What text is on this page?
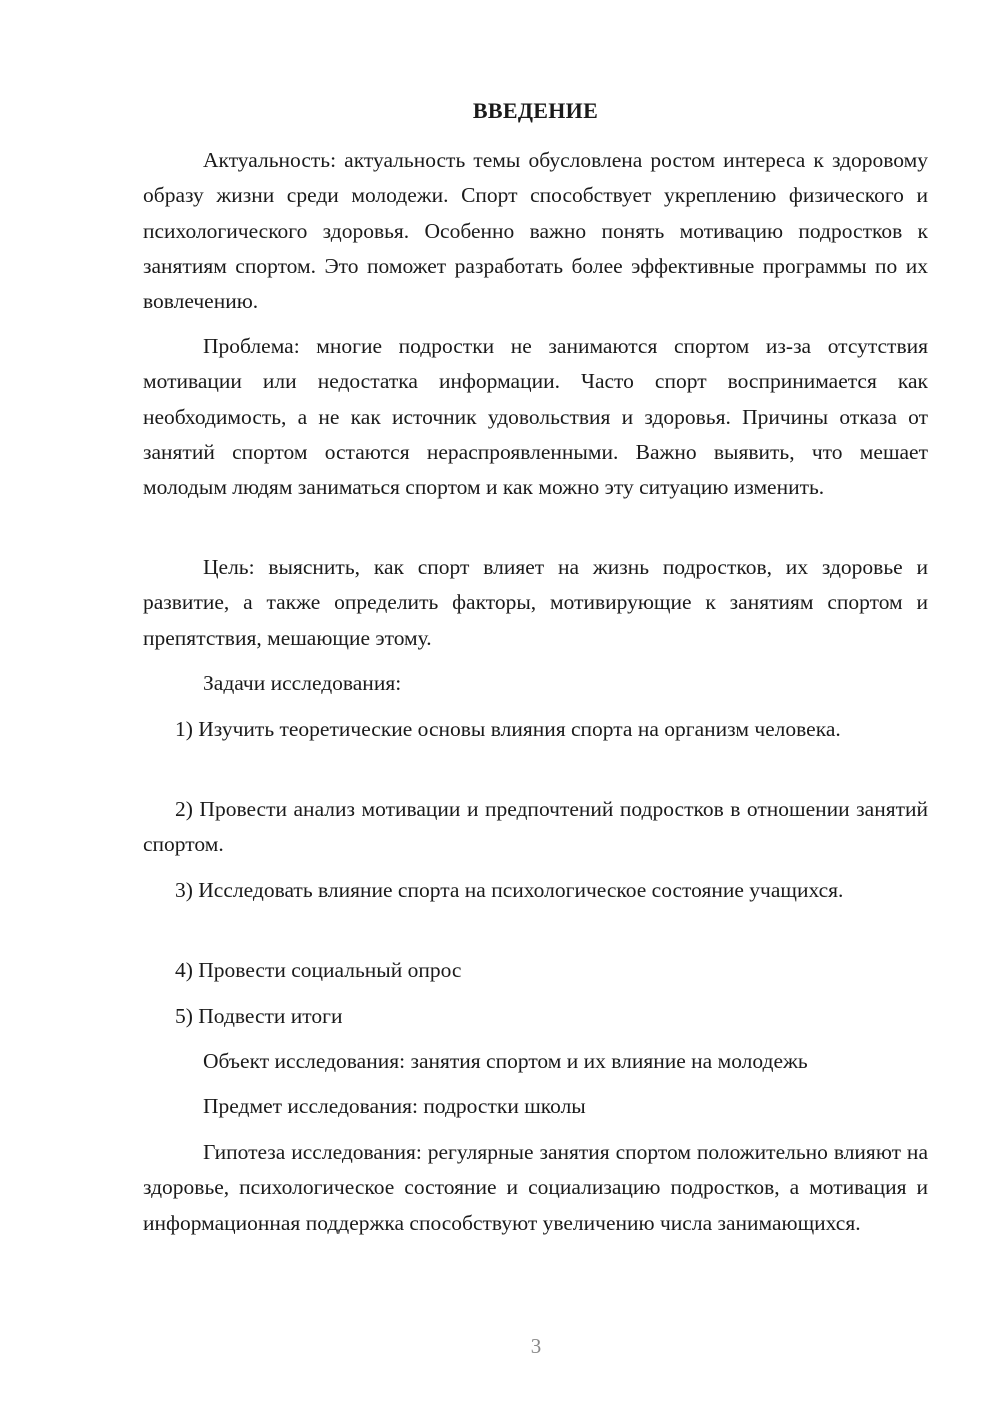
ВВЕДЕНИЕ

Актуальность: актуальность темы обусловлена ростом интереса к здоровому образу жизни среди молодежи. Спорт способствует укреплению физического и психологического здоровья. Особенно важно понять мотивацию подростков к занятиям спортом. Это поможет разработать более эффективные программы по их вовлечению.

Проблема: многие подростки не занимаются спортом из-за отсутствия мотивации или недостатка информации. Часто спорт воспринимается как необходимость, а не как источник удовольствия и здоровья. Причины отказа от занятий спортом остаются нераспроявленными. Важно выявить, что мешает молодым людям заниматься спортом и как можно эту ситуацию изменить.

Цель: выяснить, как спорт влияет на жизнь подростков, их здоровье и развитие, а также определить факторы, мотивирующие к занятиям спортом и препятствия, мешающие этому.

Задачи исследования:

1) Изучить теоретические основы влияния спорта на организм человека.

2) Провести анализ мотивации и предпочтений подростков в отношении занятий спортом.

3) Исследовать влияние спорта на психологическое состояние учащихся.

4) Провести социальный опрос

5) Подвести итоги

Объект исследования: занятия спортом и их влияние на молодежь

Предмет исследования: подростки школы

Гипотеза исследования: регулярные занятия спортом положительно влияют на здоровье, психологическое состояние и социализацию подростков, а мотивация и информационная поддержка способствуют увеличению числа занимающихся.

3
